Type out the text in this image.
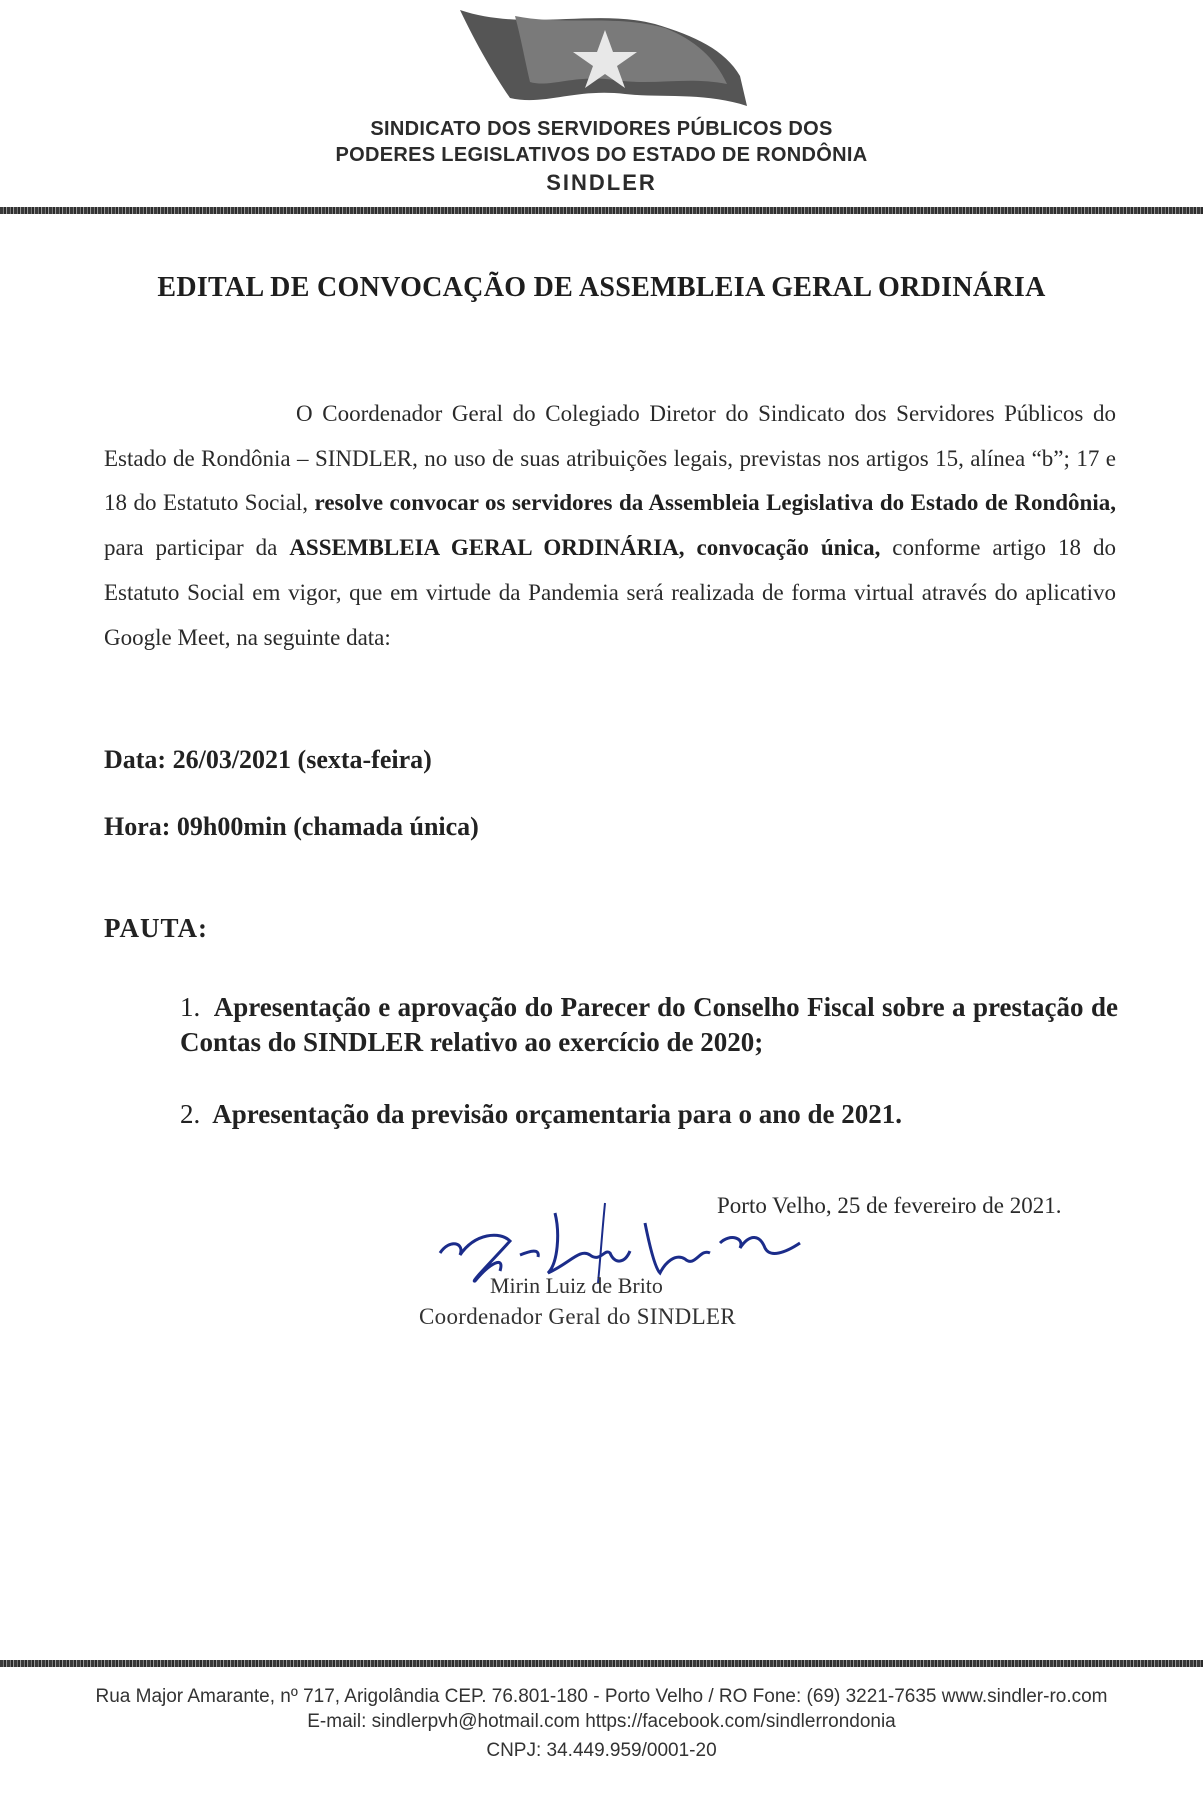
SINDICATO DOS SERVIDORES PÚBLICOS DOS
PODERES LEGISLATIVOS DO ESTADO DE RONDÔNIA
SINDLER
EDITAL DE CONVOCAÇÃO DE ASSEMBLEIA GERAL ORDINÁRIA
O Coordenador Geral do Colegiado Diretor do Sindicato dos Servidores Públicos do Estado de Rondônia – SINDLER, no uso de suas atribuições legais, previstas nos artigos 15, alínea “b”; 17 e 18 do Estatuto Social, resolve convocar os servidores da Assembleia Legislativa do Estado de Rondônia, para participar da ASSEMBLEIA GERAL ORDINÁRIA, convocação única, conforme artigo 18 do Estatuto Social em vigor, que em virtude da Pandemia será realizada de forma virtual através do aplicativo Google Meet, na seguinte data:
Data: 26/03/2021 (sexta-feira)
Hora: 09h00min (chamada única)
PAUTA:
1. Apresentação e aprovação do Parecer do Conselho Fiscal sobre a prestação de Contas do SINDLER relativo ao exercício de 2020;
2. Apresentação da previsão orçamentaria para o ano de 2021.
Porto Velho, 25 de fevereiro de 2021.
Mirin Luiz de Brito
Coordenador Geral do SINDLER
Rua Major Amarante, nº 717, Arigolândia CEP. 76.801-180 - Porto Velho / RO Fone: (69) 3221-7635 www.sindler-ro.com
E-mail: sindlerpvh@hotmail.com https://facebook.com/sindlerrondonia
CNPJ: 34.449.959/0001-20
